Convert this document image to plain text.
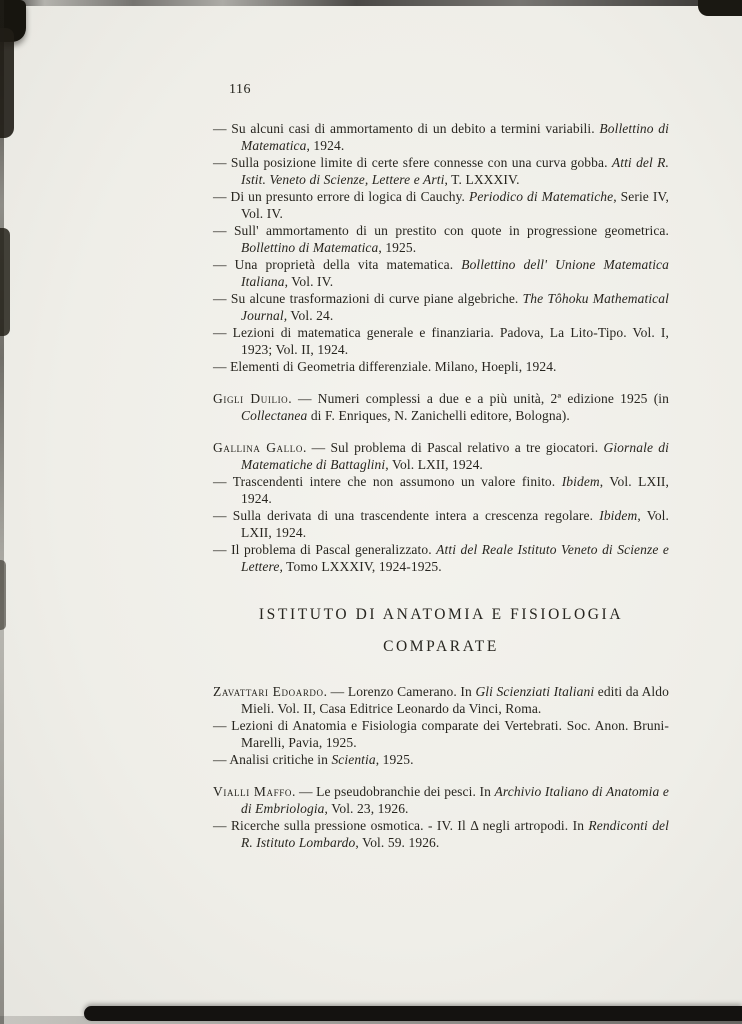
116

— Su alcuni casi di ammortamento di un debito a termini variabili. Bollettino di Matematica, 1924.

— Sulla posizione limite di certe sfere connesse con una curva gobba. Atti del R. Istit. Veneto di Scienze, Lettere e Arti, T. LXXXIV.

— Di un presunto errore di logica di Cauchy. Periodico di Matematiche, Serie IV, Vol. IV.

— Sull' ammortamento di un prestito con quote in progressione geometrica. Bollettino di Matematica, 1925.

— Una proprietà della vita matematica. Bollettino dell' Unione Matematica Italiana, Vol. IV.

— Su alcune trasformazioni di curve piane algebriche. The Tôhoku Mathematical Journal, Vol. 24.

— Lezioni di matematica generale e finanziaria. Padova, La Lito-Tipo. Vol. I, 1923; Vol. II, 1924.

— Elementi di Geometria differenziale. Milano, Hoepli, 1924.

Gigli Duilio. — Numeri complessi a due e a più unità, 2ª edizione 1925 (in Collectanea di F. Enriques, N. Zanichelli editore, Bologna).

Gallina Gallo. — Sul problema di Pascal relativo a tre giocatori. Giornale di Matematiche di Battaglini, Vol. LXII, 1924.

— Trascendenti intere che non assumono un valore finito. Ibidem, Vol. LXII, 1924.

— Sulla derivata di una trascendente intera a crescenza regolare. Ibidem, Vol. LXII, 1924.

— Il problema di Pascal generalizzato. Atti del Reale Istituto Veneto di Scienze e Lettere, Tomo LXXXIV, 1924-1925.

ISTITUTO DI ANATOMIA E FISIOLOGIA
COMPARATE

Zavattari Edoardo. — Lorenzo Camerano. In Gli Scienziati Italiani editi da Aldo Mieli. Vol. II, Casa Editrice Leonardo da Vinci, Roma.

— Lezioni di Anatomia e Fisiologia comparate dei Vertebrati. Soc. Anon. Bruni-Marelli, Pavia, 1925.

— Analisi critiche in Scientia, 1925.

Vialli Maffo. — Le pseudobranchie dei pesci. In Archivio Italiano di Anatomia e di Embriologia, Vol. 23, 1926.

— Ricerche sulla pressione osmotica. - IV. Il Δ negli artropodi. In Rendiconti del R. Istituto Lombardo, Vol. 59. 1926.
